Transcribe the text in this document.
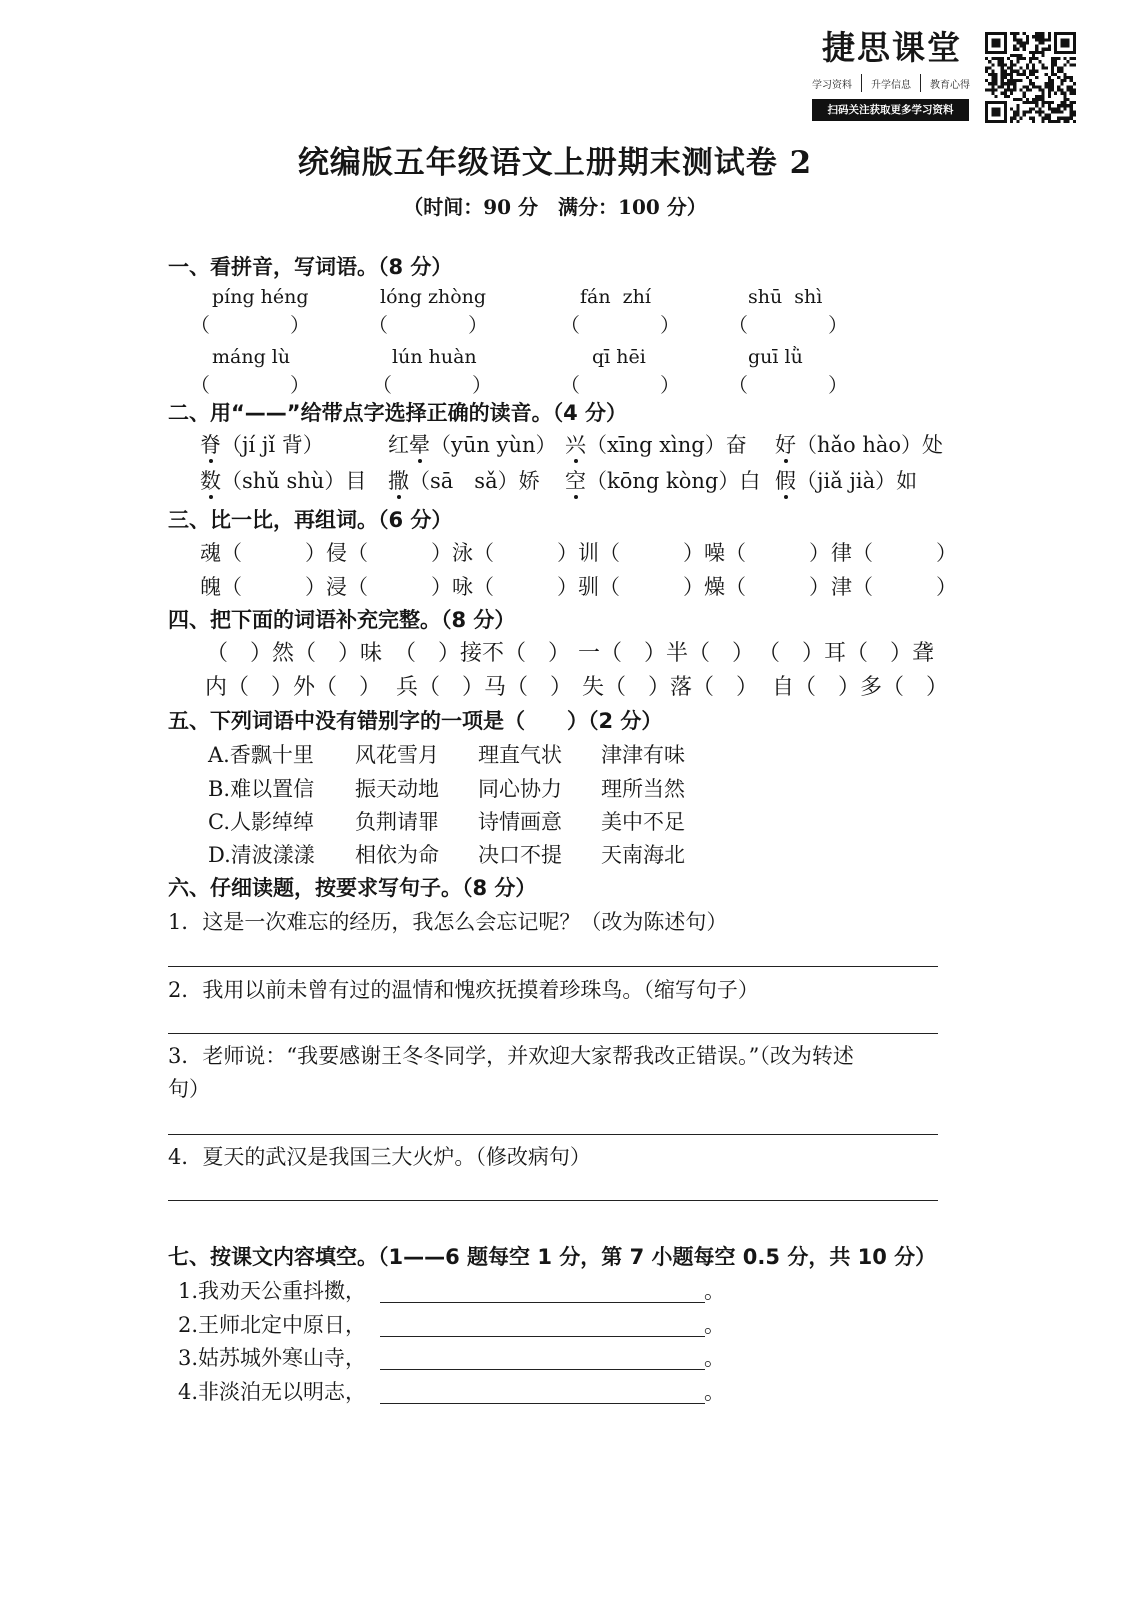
捷思课堂
学习资料 升学信息 教育心得
扫码关注获取更多学习资料
统编版五年级语文上册期末测试卷 2
（时间：90 分　满分：100 分）
一、看拼音，写词语。（8 分）
píng héng	lóng zhòng	fán  zhí	shū  shì
（　　　　）	（　　　　）	（　　　　） （　　　　）
máng lù	lún huàn	qī hēi	guī lǜ
（　　　　）	（　　　　）	（　　　　） （　　　　）
二、用“——”给带点字选择正确的读音。（4 分）
脊（jí jǐ 背）	红晕（yūn yùn） 兴（xīng xìng）奋 好（hǎo hào）处
数（shǔ shù）目 撒（sā　sǎ）娇 空（kōng kòng）白 假（jiǎ jià）如
三、比一比，再组词。（6 分）
魂（　　　） 侵（　　　） 泳（　　　） 训（　　　） 噪（　　　） 律（　　　）
魄（　　　） 浸（　　　） 咏（　　　） 驯（　　　） 燥（　　　） 津（　　　）
四、把下面的词语补充完整。（8 分）
（　）然（　）味 （　）接不（　） 一（　）半（　） （　）耳（　）聋
内（　）外（　） 兵（　）马（　） 失（　）落（　） 自（　）多（　）
五、下列词语中没有错别字的一项是（　　）（2 分）
A.香飘十里 风花雪月 理直气状 津津有味
B.难以置信 振天动地 同心协力 理所当然
C.人影绰绰 负荆请罪 诗情画意 美中不足
D.清波漾漾 相依为命 决口不提 天南海北
六、仔细读题，按要求写句子。（8 分）
1．这是一次难忘的经历，我怎么会忘记呢？（改为陈述句）
2．我用以前未曾有过的温情和愧疚抚摸着珍珠鸟。（缩写句子）
3．老师说：“我要感谢王冬冬同学，并欢迎大家帮我改正错误。”（改为转述
句）
4．夏天的武汉是我国三大火炉。（修改病句）
七、按课文内容填空。（1——6 题每空 1 分，第 7 小题每空 0.5 分，共 10 分）
1.我劝天公重抖擞，	。
2.王师北定中原日，	。
3.姑苏城外寒山寺，	。
4.非淡泊无以明志，	。
